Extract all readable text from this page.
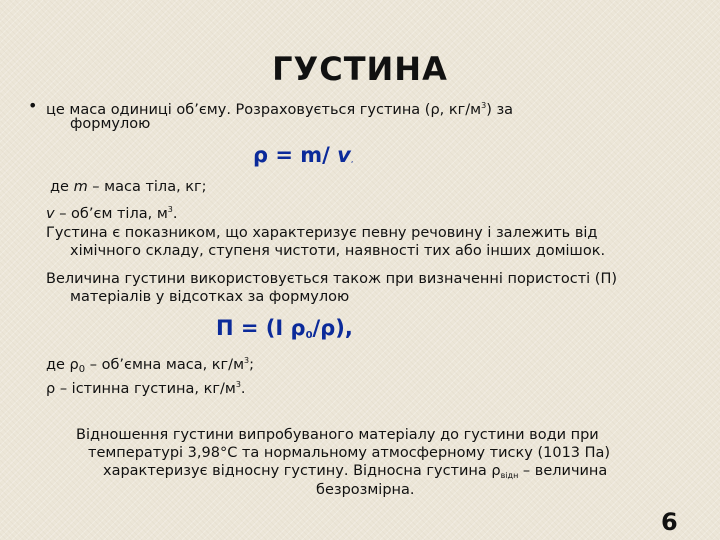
ГУСТИНА
• це маса одиниці об’єму. Розраховується густина (ρ, $кг/м^3$) за
формулою
ρ = m/ v,
де m – маса тіла, кг;
v – об’єм тіла, $м^3$.
Густина є показником, що характеризує певну речовину і залежить від
хімічного складу, ступеня чистоти, наявності тих або інших домішок.
Величина густини використовується також при визначенні пористості (П)
матеріалів у відсотках за формулою
П = (І $\rho_0/\rho$),
де $\rho_0$ – об’ємна маса, $кг/м^3$;
ρ – істинна густина, $кг/м^3$.
Відношення густини випробуваного матеріалу до густини води при
температурі 3,98°С та нормальному атмосферному тиску (1013 Па)
характеризує відносну густину. Відносна густина $\rho_{відн}$ – величина
безрозмірна.
6
